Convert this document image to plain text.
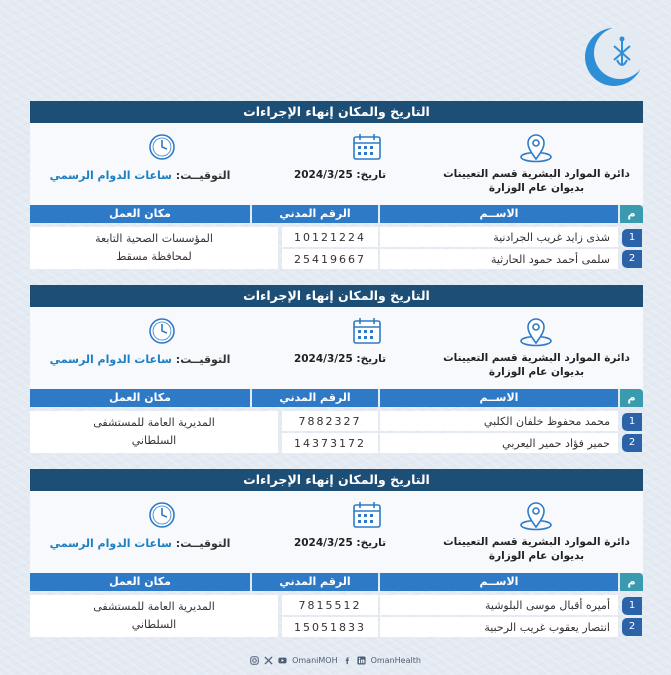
التاريخ والمكان إنهاء الإجراءات
دائرة الموارد البشرية قسم التعيينات بديوان عام الوزارة
تاريخ: 2024/3/25
التوقيــت: ساعات الدوام الرسمي
م
الاســم
الرقم المدني
مكان العمل
1
شذى زايد غريب الجرادنية
10121224
2
سلمى أحمد حمود الحارثية
25419667
المؤسسات الصحية التابعة
لمحافظة مسقط
التاريخ والمكان إنهاء الإجراءات
دائرة الموارد البشرية قسم التعيينات بديوان عام الوزارة
تاريخ: 2024/3/25
التوقيــت: ساعات الدوام الرسمي
م
الاســم
الرقم المدني
مكان العمل
1
محمد محفوظ خلفان الكلبي
7882327
2
حمير فؤاد حمير اليعربي
14373172
المديرية العامة للمستشفى
السلطاني
التاريخ والمكان إنهاء الإجراءات
دائرة الموارد البشرية قسم التعيينات بديوان عام الوزارة
تاريخ: 2024/3/25
التوقيــت: ساعات الدوام الرسمي
م
الاســم
الرقم المدني
مكان العمل
1
أميره أقبال موسى البلوشية
7815512
2
انتصار يعقوب غريب الرحبية
15051833
المديرية العامة للمستشفى
السلطاني
OmaniMOH	OmanHealth
